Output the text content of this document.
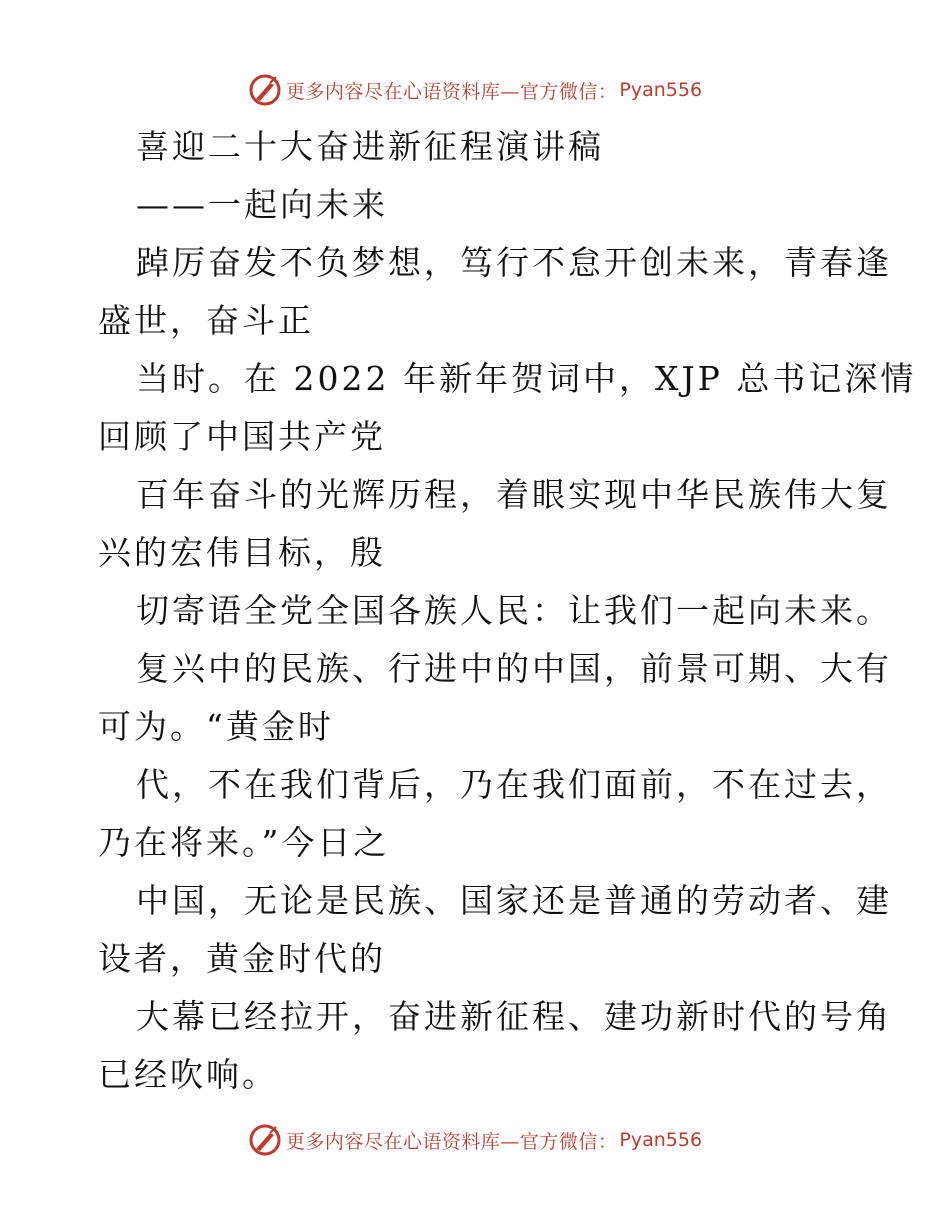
更多内容尽在心语资料库—官方微信： Pyan556

喜迎二十大奋进新征程演讲稿

——一起向未来

踔厉奋发不负梦想，笃行不怠开创未来，青春逢

盛世，奋斗正

当时。在 2022 年新年贺词中，XJP 总书记深情

回顾了中国共产党

百年奋斗的光辉历程，着眼实现中华民族伟大复

兴的宏伟目标，殷

切寄语全党全国各族人民：让我们一起向未来。

复兴中的民族、行进中的中国，前景可期、大有

可为。“黄金时

代，不在我们背后，乃在我们面前，不在过去，

乃在将来。”今日之

中国，无论是民族、国家还是普通的劳动者、建

设者，黄金时代的

大幕已经拉开，奋进新征程、建功新时代的号角

已经吹响。

更多内容尽在心语资料库—官方微信： Pyan556
